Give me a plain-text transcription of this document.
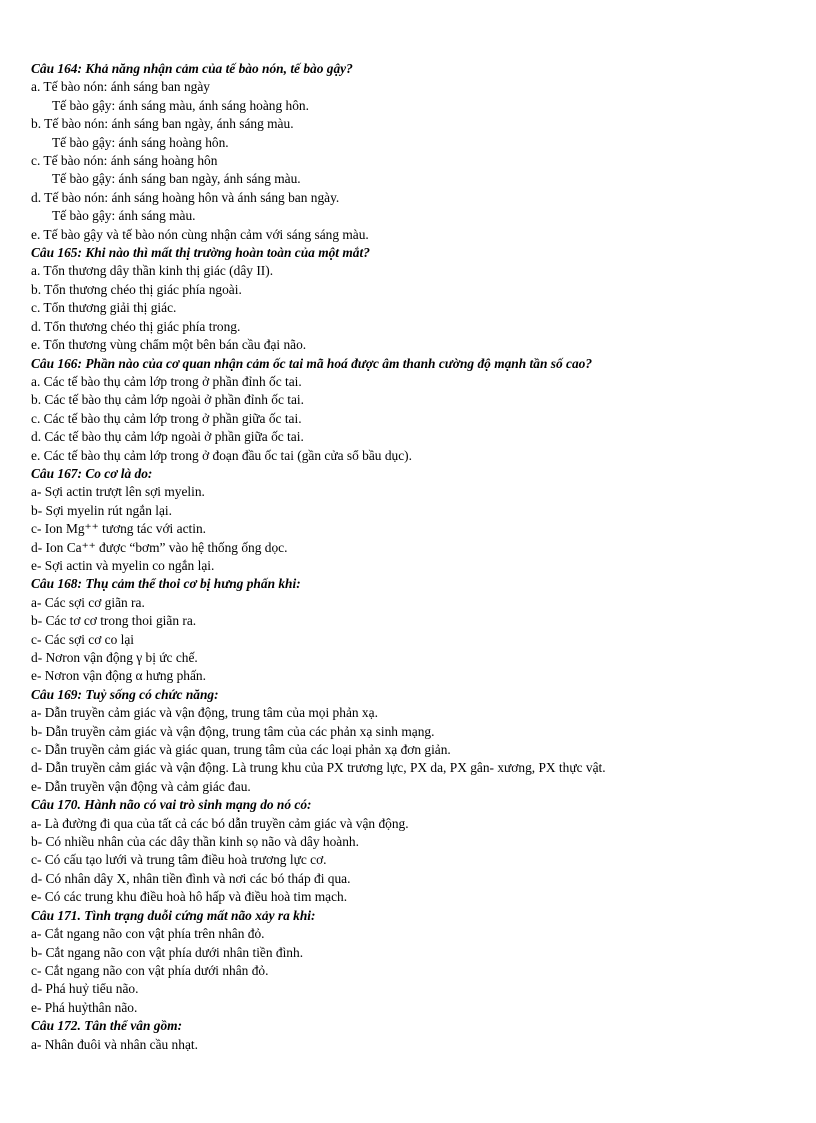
Câu 164: Khả năng nhận cảm của tế bào nón, tế bào gậy?
a. Tế bào nón: ánh sáng ban ngày
Tế bào gậy: ánh sáng màu, ánh sáng hoàng hôn.
b. Tế bào nón: ánh sáng ban ngày, ánh sáng màu.
Tế bào gậy: ánh sáng hoàng hôn.
c. Tế bào nón: ánh sáng hoàng hôn
Tế bào gậy: ánh sáng ban ngày, ánh sáng màu.
d. Tế bào nón: ánh sáng hoàng hôn và ánh sáng ban ngày.
Tế bào gậy: ánh sáng màu.
e. Tế bào gậy và tế bào nón cùng nhận cảm với sáng sáng màu.
Câu 165: Khi nào thì mất thị trường hoàn toàn của một mắt?
a. Tổn thương dây thần kinh thị giác (dây II).
b. Tổn thương chéo thị giác phía ngoài.
c. Tổn thương giải thị giác.
d. Tổn thương chéo thị giác phía trong.
e. Tổn thương vùng chẩm một bên bán cầu đại não.
Câu 166: Phần nào của cơ quan nhận cảm ốc tai mã hoá được âm thanh cường độ mạnh tần số cao?
a. Các tế bào thụ cảm lớp trong ở phần đỉnh ốc tai.
b. Các tế bào thụ cảm lớp ngoài ở phần đỉnh ốc tai.
c. Các tế bào thụ cảm lớp trong ở phần giữa ốc tai.
d. Các tế bào thụ cảm lớp ngoài ở phần giữa ốc tai.
e. Các tế bào thụ cảm lớp trong ở đoạn đầu ốc tai (gần cửa sổ bầu dục).
Câu 167: Co cơ là do:
a- Sợi actin trượt lên sợi myelin.
b- Sợi myelin rút ngắn lại.
c- Ion Mg⁺⁺ tương tác với actin.
d- Ion Ca⁺⁺ được “bơm” vào hệ thống ống dọc.
e- Sợi actin và myelin co ngắn lại.
Câu 168: Thụ cảm thể thoi cơ bị hưng phấn khi:
a- Các sợi cơ giãn ra.
b- Các tơ cơ trong thoi giãn ra.
c- Các sợi cơ co lại
d- Nơron vận động γ bị ức chế.
e- Nơron vận động α hưng phấn.
Câu 169: Tuỷ sống có chức năng:
a- Dẫn truyền cảm giác và vận động, trung tâm của mọi phản xạ.
b- Dẫn truyền cảm giác và vận động, trung tâm của các phản xạ sinh mạng.
c- Dẫn truyền cảm giác và giác quan, trung tâm của các loại phản xạ đơn giản.
d- Dẫn truyền cảm giác và vận động. Là trung khu của PX trương lực, PX da, PX gân- xương, PX thực vật.
e- Dẫn truyền vận động và cảm giác đau.
Câu 170. Hành não có vai trò sinh mạng do nó có:
a- Là đường đi qua của tất cả các bó dẫn truyền cảm giác và vận động.
b- Có nhiều nhân của các dây thần kinh sọ não và dây hoành.
c- Có cấu tạo lưới và trung tâm điều hoà trương lực cơ.
d- Có nhân dây X, nhân tiền đình và nơi các bó tháp đi qua.
e- Có các trung khu điều hoà hô hấp và điều hoà tim mạch.
Câu 171. Tình trạng duỗi cứng mất não xảy ra khi:
a- Cắt ngang não con vật phía trên nhân đỏ.
b- Cắt ngang não con vật phía dưới nhân tiền đình.
c- Cắt ngang não con vật phía dưới nhân đỏ.
d- Phá huỷ tiểu não.
e- Phá huỷthân não.
Câu 172. Tân thể vân gồm:
a- Nhân đuôi và nhân cầu nhạt.
